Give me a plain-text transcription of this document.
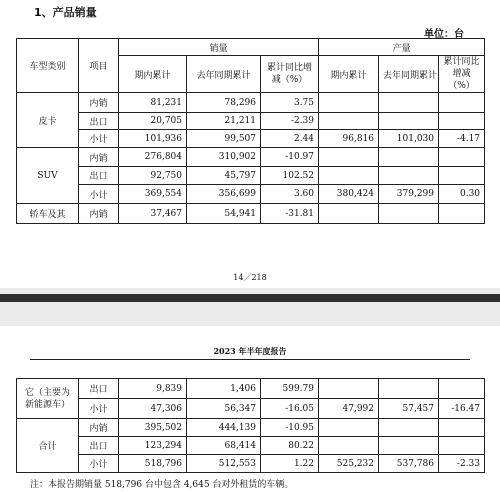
1、产品销量
单位：台
车型类别	项目	销量			产量		
		期内累计	去年同期累计	累计同比增减（%）	期内累计	去年同期累计	累计同比增减（%）
皮卡	内销	81,231	78,296	3.75			
	出口	20,705	21,211	-2.39			
	小计	101,936	99,507	2.44	96,816	101,030	-4.17
SUV	内销	276,804	310,902	-10.97			
	出口	92,750	45,797	102.52			
	小计	369,554	356,699	3.60	380,424	379,299	0.30
轿车及其	内销	37,467	54,941	-31.81			
14／218
2023 年半年度报告
它（主要为新能源车）	出口	9,839	1,406	599.79			
	小计	47,306	56,347	-16.05	47,992	57,457	-16.47
合计	内销	395,502	444,139	-10.95			
	出口	123,294	68,414	80.22			
	小计	518,796	512,553	1.22	525,232	537,786	-2.33
注：本报告期销量 518,796 台中包含 4,645 台对外租赁的车辆。
